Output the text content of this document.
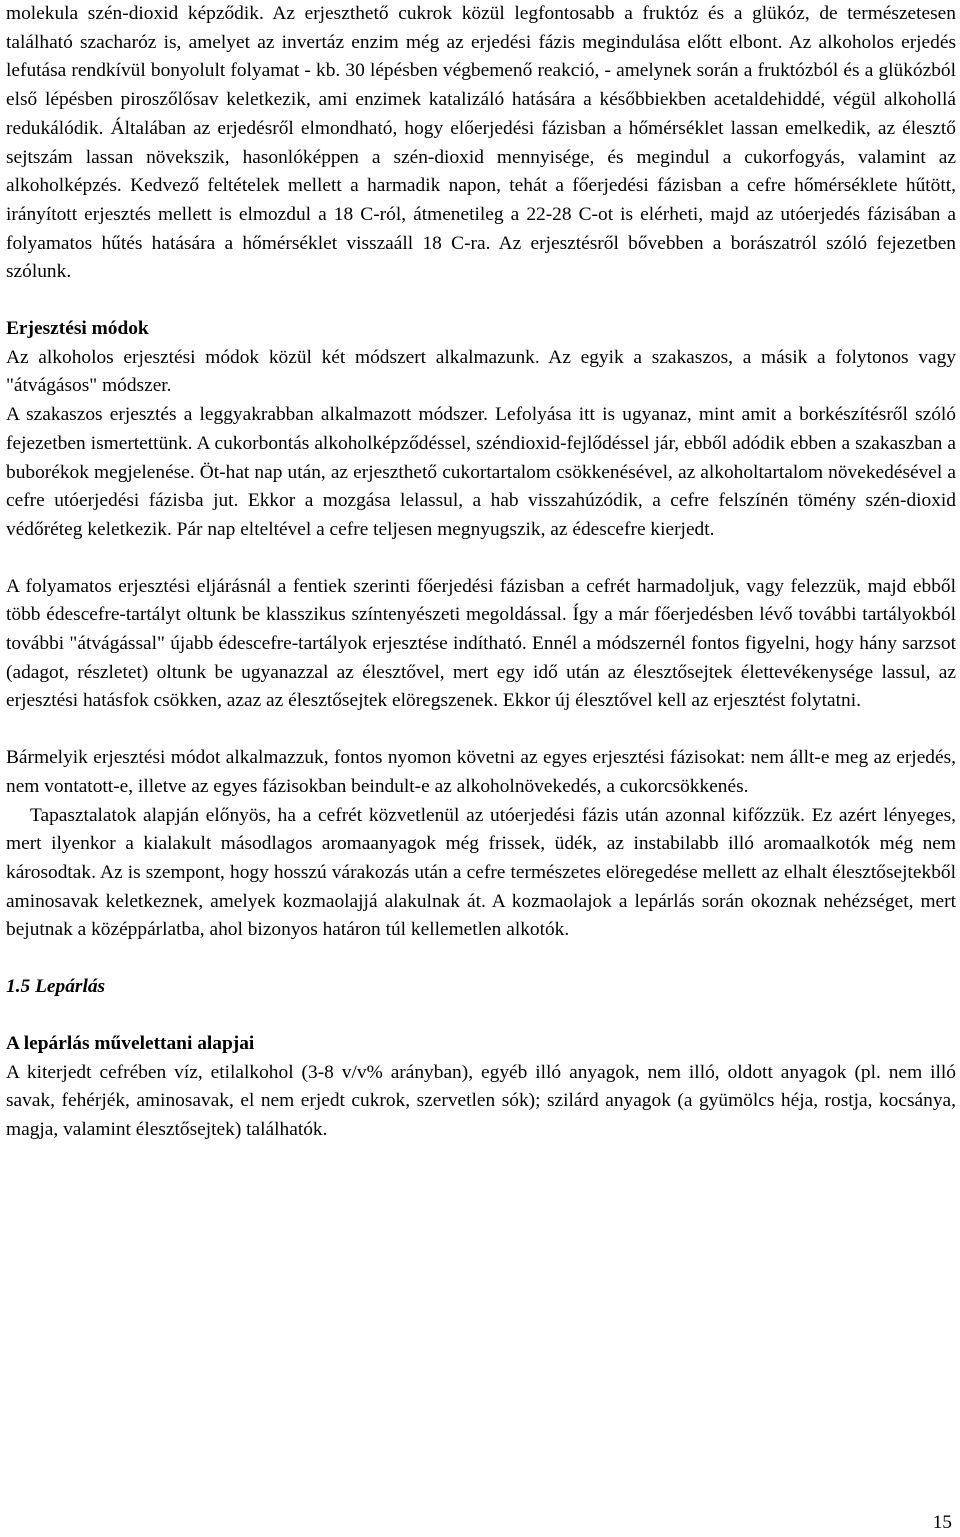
molekula szén-dioxid képződik. Az erjeszthető cukrok közül legfontosabb a fruktóz és a glükóz, de természetesen található szacharóz is, amelyet az invertáz enzim még az erjedési fázis megindulása előtt elbont. Az alkoholos erjedés lefutása rendkívül bonyolult folyamat - kb. 30 lépésben végbemenő reakció, - amelynek során a fruktózból és a glükózból első lépésben piroszőlősav keletkezik, ami enzimek katalizáló hatására a későbbiekben acetaldehiddé, végül alkohollá redukálódik. Általában az erjedésről elmondható, hogy előerjedési fázisban a hőmérséklet lassan emelkedik, az élesztő sejtszám lassan növekszik, hasonlóképpen a szén-dioxid mennyisége, és megindul a cukorfogyás, valamint az alkoholképzés. Kedvező feltételek mellett a harmadik napon, tehát a főerjedési fázisban a cefre hőmérséklete hűtött, irányított erjesztés mellett is elmozdul a 18 C-ról, átmenetileg a 22-28 C-ot is elérheti, majd az utóerjedés fázisában a folyamatos hűtés hatására a hőmérséklet visszaáll 18 C-ra. Az erjesztésről bővebben a borászatról szóló fejezetben szólunk.

Erjesztési módok

Az alkoholos erjesztési módok közül két módszert alkalmazunk. Az egyik a szakaszos, a másik a folytonos vagy "átvágásos" módszer.

A szakaszos erjesztés a leggyakrabban alkalmazott módszer. Lefolyása itt is ugyanaz, mint amit a borkészítésről szóló fejezetben ismertettünk. A cukorbontás alkoholképződéssel, széndioxid-fejlődéssel jár, ebből adódik ebben a szakaszban a buborékok megjelenése. Öt-hat nap után, az erjeszthető cukortartalom csökkenésével, az alkoholtartalom növekedésével a cefre utóerjedési fázisba jut. Ekkor a mozgása lelassul, a hab visszahúzódik, a cefre felszínén tömény szén-dioxid védőréteg keletkezik. Pár nap elteltével a cefre teljesen megnyugszik, az édescefre kierjedt.

A folyamatos erjesztési eljárásnál a fentiek szerinti főerjedési fázisban a cefrét harmadoljuk, vagy felezzük, majd ebből több édescefre-tartályt oltunk be klasszikus színtenyészeti megoldással. Így a már főerjedésben lévő további tartályokból további "átvágással" újabb édescefre-tartályok erjesztése indítható. Ennél a módszernél fontos figyelni, hogy hány sarzsot (adagot, részletet) oltunk be ugyanazzal az élesztővel, mert egy idő után az élesztősejtek élettevékenysége lassul, az erjesztési hatásfok csökken, azaz az élesztősejtek elöregszenek. Ekkor új élesztővel kell az erjesztést folytatni.

Bármelyik erjesztési módot alkalmazzuk, fontos nyomon követni az egyes erjesztési fázisokat: nem állt-e meg az erjedés, nem vontatott-e, illetve az egyes fázisokban beindult-e az alkoholnövekedés, a cukorcsökkenés.

Tapasztalatok alapján előnyös, ha a cefrét közvetlenül az utóerjedési fázis után azonnal kifőzzük. Ez azért lényeges, mert ilyenkor a kialakult másodlagos aromaanyagok még frissek, üdék, az instabilabb illó aromaalkotók még nem károsodtak. Az is szempont, hogy hosszú várakozás után a cefre természetes elöregedése mellett az elhalt élesztősejtekből aminosavak keletkeznek, amelyek kozmaolajjá alakulnak át. A kozmaolajok a lepárlás során okoznak nehézséget, mert bejutnak a középpárlatba, ahol bizonyos határon túl kellemetlen alkotók.

1.5 Lepárlás
A lepárlás művelettani alapjai

A kiterjedt cefrében víz, etilalkohol (3-8 v/v% arányban), egyéb illó anyagok, nem illó, oldott anyagok (pl. nem illó savak, fehérjék, aminosavak, el nem erjedt cukrok, szervetlen sók); szilárd anyagok (a gyümölcs héja, rostja, kocsánya, magja, valamint élesztősejtek) találhatók.

15
